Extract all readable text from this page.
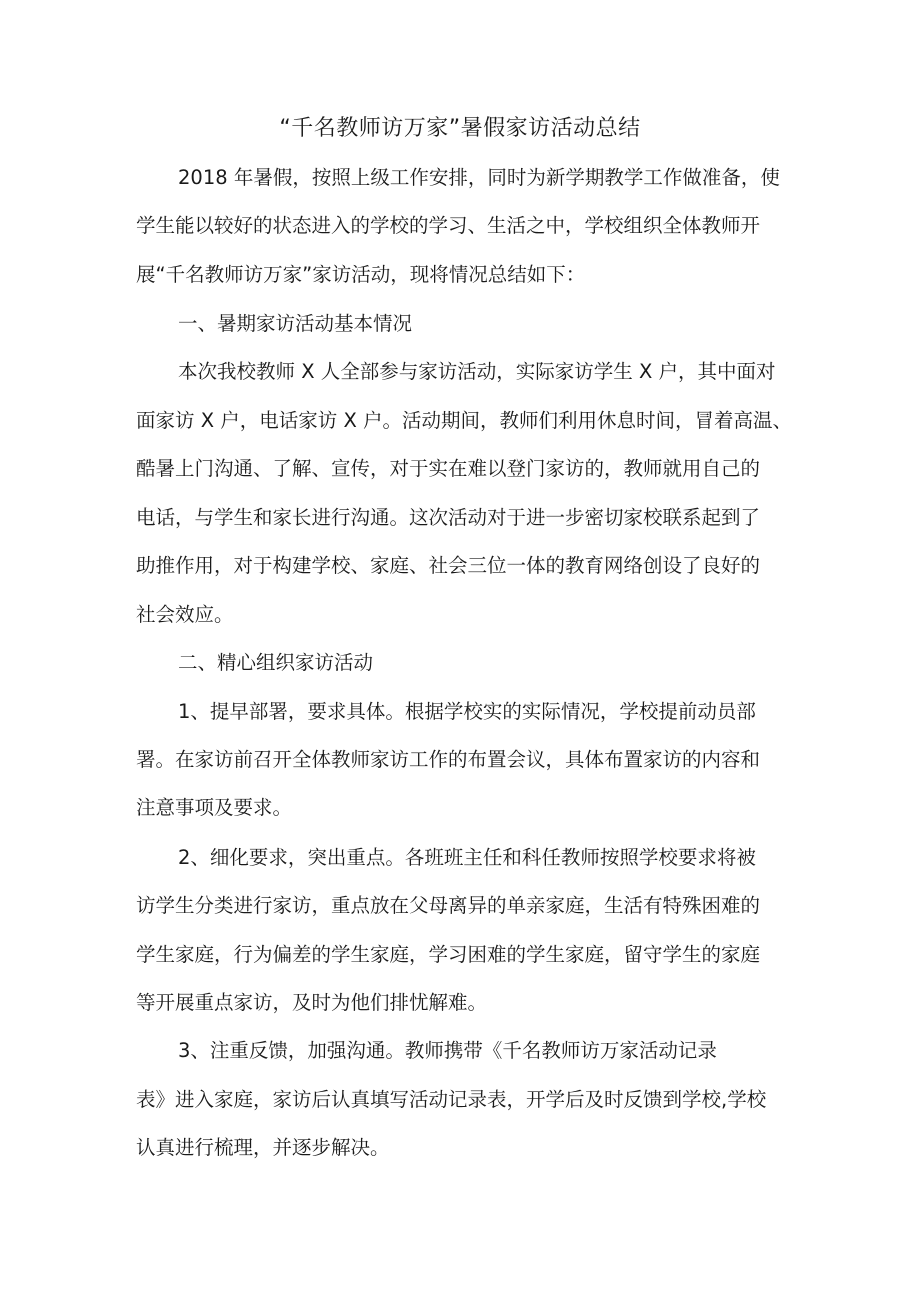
“千名教师访万家”暑假家访活动总结
2018 年暑假，按照上级工作安排，同时为新学期教学工作做准备，使
学生能以较好的状态进入的学校的学习、生活之中，学校组织全体教师开
展“千名教师访万家”家访活动，现将情况总结如下：
一、暑期家访活动基本情况
本次我校教师 X 人全部参与家访活动，实际家访学生 X 户，其中面对
面家访 X 户，电话家访 X 户。活动期间，教师们利用休息时间，冒着高温、
酷暑上门沟通、了解、宣传，对于实在难以登门家访的，教师就用自己的
电话，与学生和家长进行沟通。这次活动对于进一步密切家校联系起到了
助推作用，对于构建学校、家庭、社会三位一体的教育网络创设了良好的
社会效应。
二、精心组织家访活动
1、提早部署，要求具体。根据学校实的实际情况，学校提前动员部
署。在家访前召开全体教师家访工作的布置会议，具体布置家访的内容和
注意事项及要求。
2、细化要求，突出重点。各班班主任和科任教师按照学校要求将被
访学生分类进行家访，重点放在父母离异的单亲家庭，生活有特殊困难的
学生家庭，行为偏差的学生家庭，学习困难的学生家庭，留守学生的家庭
等开展重点家访，及时为他们排忧解难。
3、注重反馈，加强沟通。教师携带《千名教师访万家活动记录
表》进入家庭，家访后认真填写活动记录表，开学后及时反馈到学校,学校
认真进行梳理，并逐步解决。
